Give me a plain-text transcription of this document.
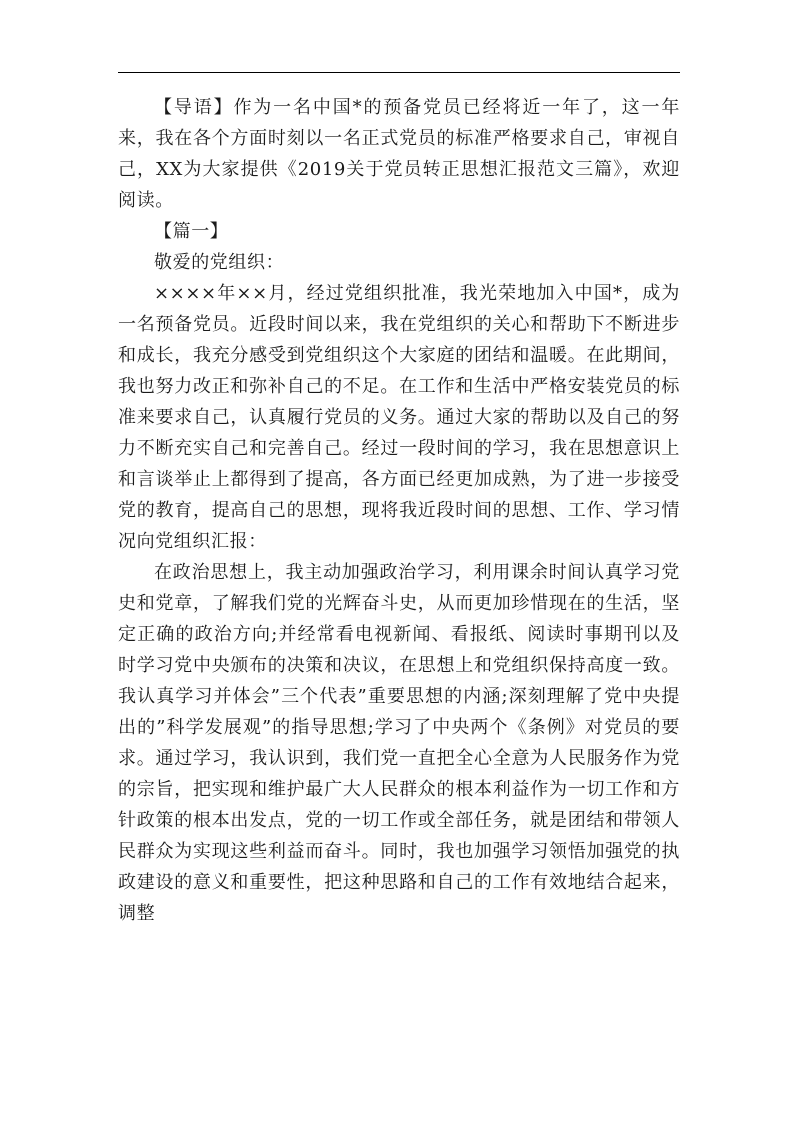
【导语】作为一名中国*的预备党员已经将近一年了，这一年来，我在各个方面时刻以一名正式党员的标准严格要求自己，审视自己，XX为大家提供《2019关于党员转正思想汇报范文三篇》，欢迎阅读。

【篇一】

敬爱的党组织：

××××年××月，经过党组织批准，我光荣地加入中国*，成为一名预备党员。近段时间以来，我在党组织的关心和帮助下不断进步和成长，我充分感受到党组织这个大家庭的团结和温暖。在此期间，我也努力改正和弥补自己的不足。在工作和生活中严格安装党员的标准来要求自己，认真履行党员的义务。通过大家的帮助以及自己的努力不断充实自己和完善自己。经过一段时间的学习，我在思想意识上和言谈举止上都得到了提高，各方面已经更加成熟，为了进一步接受党的教育，提高自己的思想，现将我近段时间的思想、工作、学习情况向党组织汇报：

在政治思想上，我主动加强政治学习，利用课余时间认真学习党史和党章，了解我们党的光辉奋斗史，从而更加珍惜现在的生活，坚定正确的政治方向;并经常看电视新闻、看报纸、阅读时事期刊以及时学习党中央颁布的决策和决议，在思想上和党组织保持高度一致。我认真学习并体会”三个代表”重要思想的内涵;深刻理解了党中央提出的”科学发展观”的指导思想;学习了中央两个《条例》对党员的要求。通过学习，我认识到，我们党一直把全心全意为人民服务作为党的宗旨，把实现和维护最广大人民群众的根本利益作为一切工作和方针政策的根本出发点，党的一切工作或全部任务，就是团结和带领人民群众为实现这些利益而奋斗。同时，我也加强学习领悟加强党的执政建设的意义和重要性，把这种思路和自己的工作有效地结合起来，调整
